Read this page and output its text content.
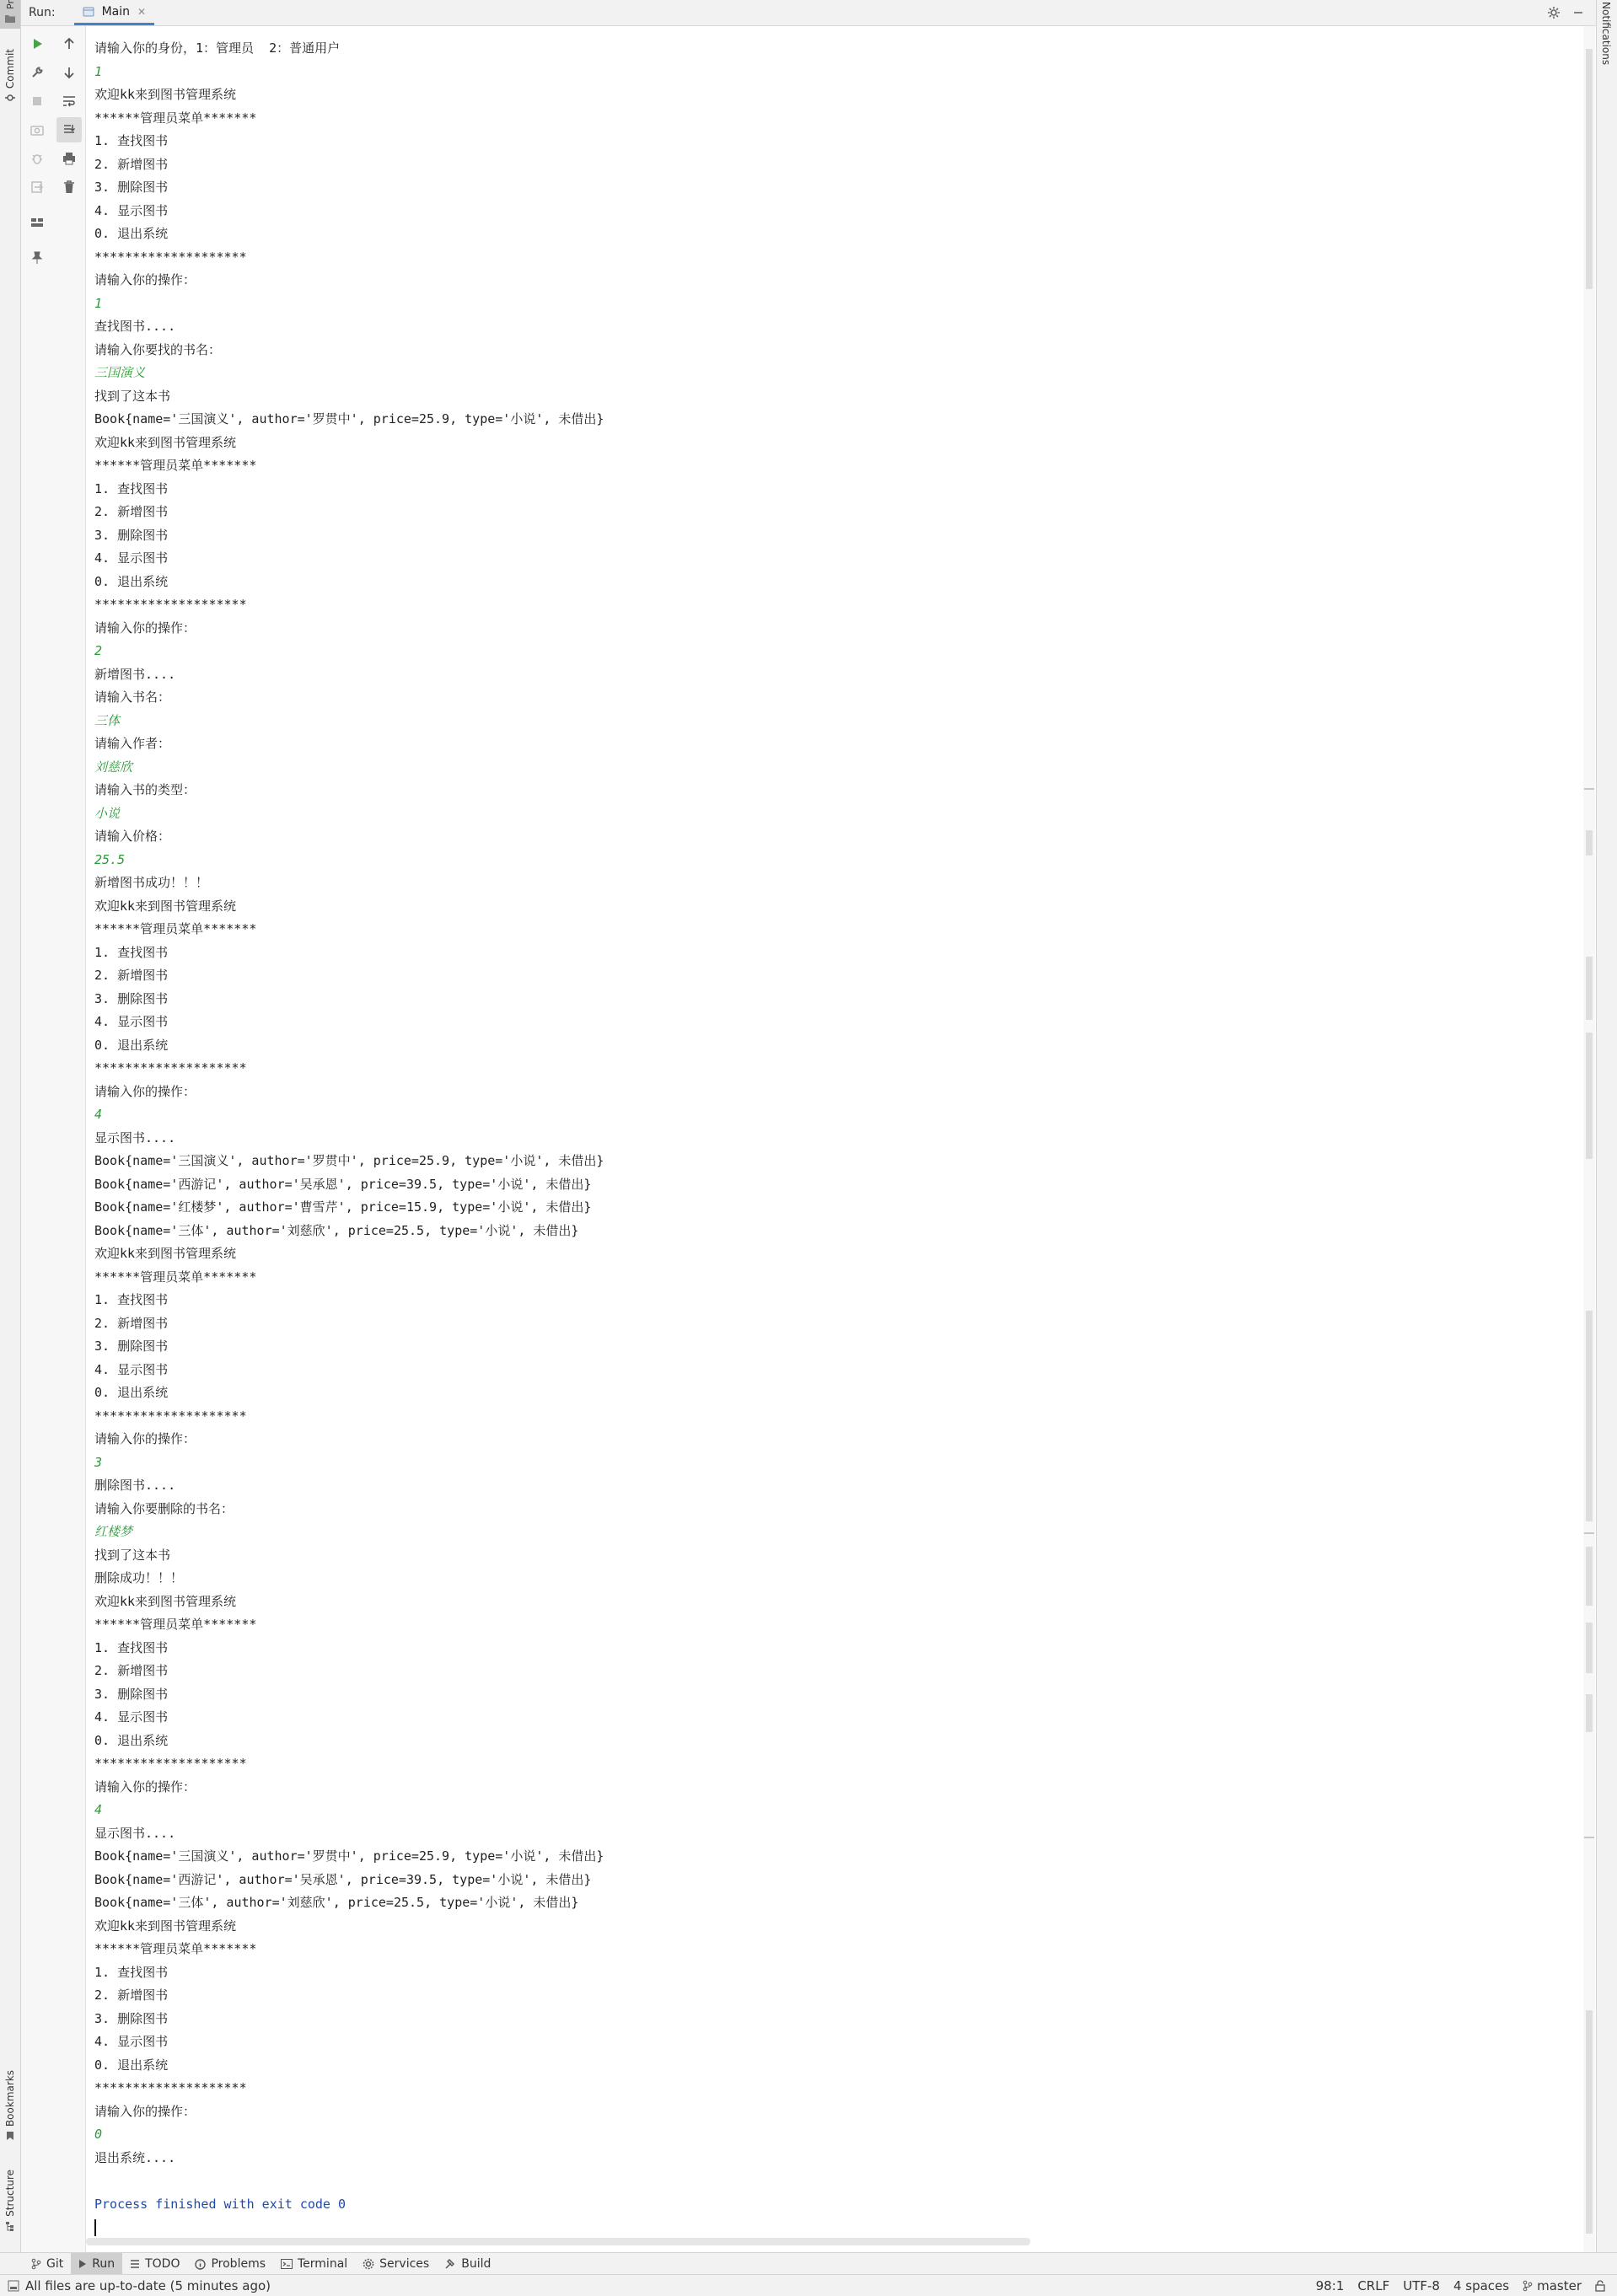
Pr
Commit
Bookmarks
Structure
Notifications
Run:	Main ✕
请输入你的身份，1：管理员  2：普通用户
1
欢迎kk来到图书管理系统
******管理员菜单*******
1. 查找图书
2. 新增图书
3. 删除图书
4. 显示图书
0. 退出系统
********************
请输入你的操作：
1
查找图书....
请输入你要找的书名：
三国演义
找到了这本书
Book{name='三国演义', author='罗贯中', price=25.9, type='小说', 未借出}
欢迎kk来到图书管理系统
******管理员菜单*******
1. 查找图书
2. 新增图书
3. 删除图书
4. 显示图书
0. 退出系统
********************
请输入你的操作：
2
新增图书....
请输入书名：
三体
请输入作者：
刘慈欣
请输入书的类型：
小说
请输入价格：
25.5
新增图书成功！！！
欢迎kk来到图书管理系统
******管理员菜单*******
1. 查找图书
2. 新增图书
3. 删除图书
4. 显示图书
0. 退出系统
********************
请输入你的操作：
4
显示图书....
Book{name='三国演义', author='罗贯中', price=25.9, type='小说', 未借出}
Book{name='西游记', author='吴承恩', price=39.5, type='小说', 未借出}
Book{name='红楼梦', author='曹雪芹', price=15.9, type='小说', 未借出}
Book{name='三体', author='刘慈欣', price=25.5, type='小说', 未借出}
欢迎kk来到图书管理系统
******管理员菜单*******
1. 查找图书
2. 新增图书
3. 删除图书
4. 显示图书
0. 退出系统
********************
请输入你的操作：
3
删除图书....
请输入你要删除的书名：
红楼梦
找到了这本书
删除成功！！！
欢迎kk来到图书管理系统
******管理员菜单*******
1. 查找图书
2. 新增图书
3. 删除图书
4. 显示图书
0. 退出系统
********************
请输入你的操作：
4
显示图书....
Book{name='三国演义', author='罗贯中', price=25.9, type='小说', 未借出}
Book{name='西游记', author='吴承恩', price=39.5, type='小说', 未借出}
Book{name='三体', author='刘慈欣', price=25.5, type='小说', 未借出}
欢迎kk来到图书管理系统
******管理员菜单*******
1. 查找图书
2. 新增图书
3. 删除图书
4. 显示图书
0. 退出系统
********************
请输入你的操作：
0
退出系统....
Process finished with exit code 0
Git Run	TODO	Problems	Terminal	Services	Build
All files are up-to-date (5 minutes ago)	98:1 CRLF UTF-8 4 spaces master
